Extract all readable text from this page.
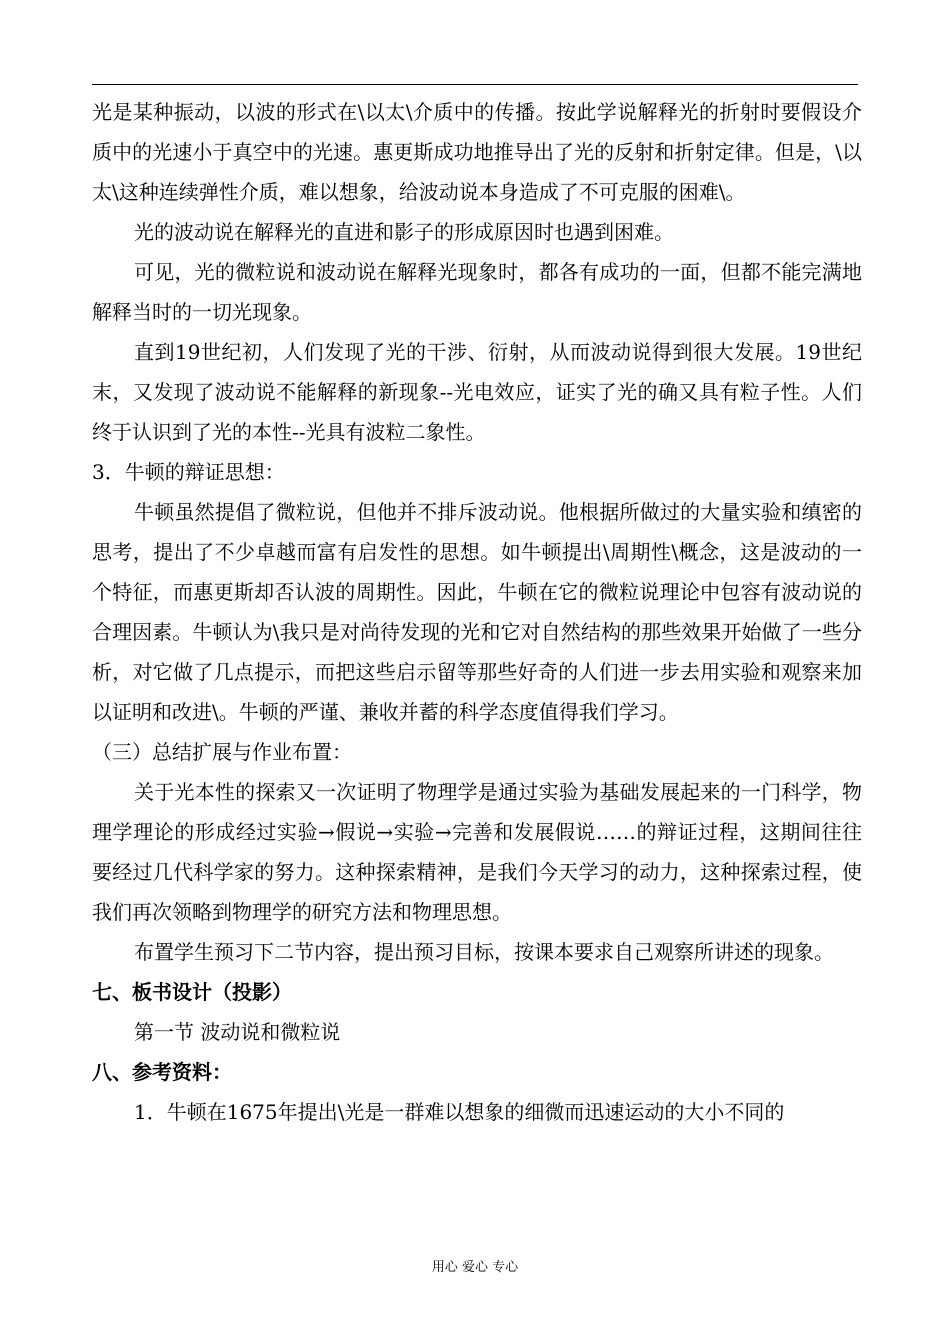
光是某种振动，以波的形式在\以太\介质中的传播。按此学说解释光的折射时要假设介质中的光速小于真空中的光速。惠更斯成功地推导出了光的反射和折射定律。但是，\以太\这种连续弹性介质，难以想象，给波动说本身造成了不可克服的困难\。

光的波动说在解释光的直进和影子的形成原因时也遇到困难。

可见，光的微粒说和波动说在解释光现象时，都各有成功的一面，但都不能完满地解释当时的一切光现象。

直到19世纪初，人们发现了光的干涉、衍射，从而波动说得到很大发展。19世纪末，又发现了波动说不能解释的新现象--光电效应，证实了光的确又具有粒子性。人们终于认识到了光的本性--光具有波粒二象性。

3．牛顿的辩证思想：

牛顿虽然提倡了微粒说，但他并不排斥波动说。他根据所做过的大量实验和缜密的思考，提出了不少卓越而富有启发性的思想。如牛顿提出\周期性\概念，这是波动的一个特征，而惠更斯却否认波的周期性。因此，牛顿在它的微粒说理论中包容有波动说的合理因素。牛顿认为\我只是对尚待发现的光和它对自然结构的那些效果开始做了一些分析，对它做了几点提示，而把这些启示留等那些好奇的人们进一步去用实验和观察来加以证明和改进\。牛顿的严谨、兼收并蓄的科学态度值得我们学习。

（三）总结扩展与作业布置：

关于光本性的探索又一次证明了物理学是通过实验为基础发展起来的一门科学，物理学理论的形成经过实验→假说→实验→完善和发展假说……的辩证过程，这期间往往要经过几代科学家的努力。这种探索精神，是我们今天学习的动力，这种探索过程，使我们再次领略到物理学的研究方法和物理思想。

布置学生预习下二节内容，提出预习目标，按课本要求自己观察所讲述的现象。

七、板书设计（投影）

第一节 波动说和微粒说

八、参考资料：

1．牛顿在1675年提出\光是一群难以想象的细微而迅速运动的大小不同的

用心 爱心 专心
